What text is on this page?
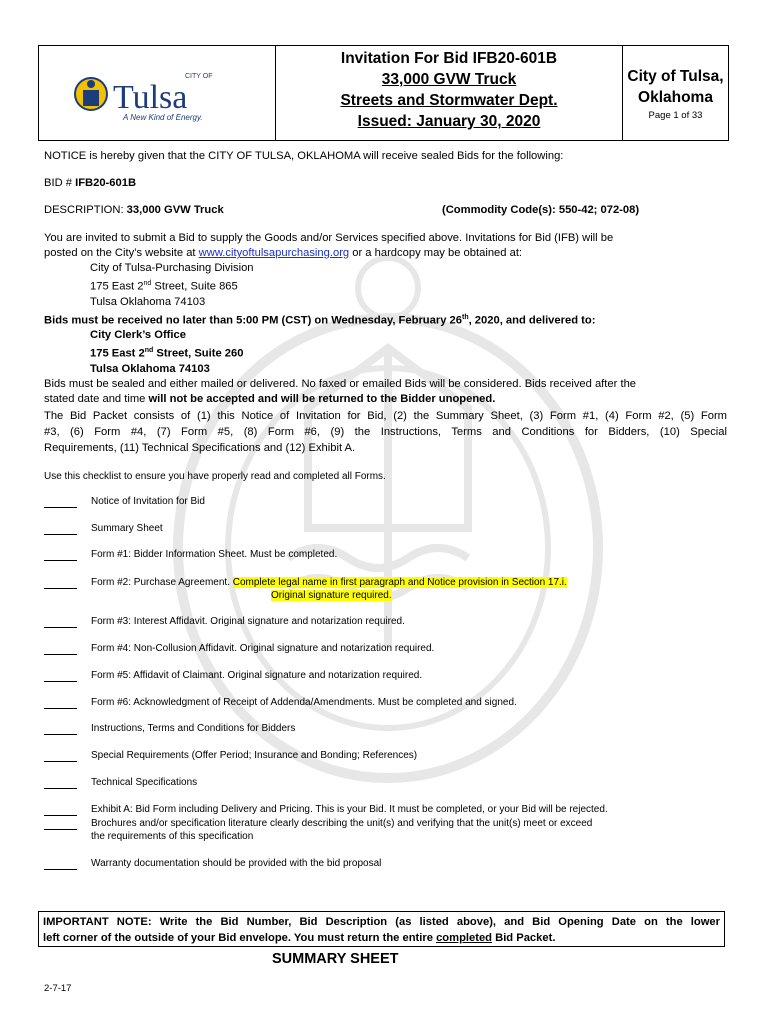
Tulsa
CITY OF
A New Kind of Energy.
Invitation For Bid IFB20-601B
33,000 GVW Truck
Streets and Stormwater Dept.
Issued: January 30, 2020
City of Tulsa,
Oklahoma
Page 1 of 33
NOTICE is hereby given that the CITY OF TULSA, OKLAHOMA will receive sealed Bids for the following:
BID # IFB20-601B
DESCRIPTION: 33,000 GVW Truck	(Commodity Code(s): 550-42; 072-08)
You are invited to submit a Bid to supply the Goods and/or Services specified above. Invitations for Bid (IFB) will be
posted on the City’s website at www.cityoftulsapurchasing.org or a hardcopy may be obtained at:
City of Tulsa-Purchasing Division
175 East 2nd Street, Suite 865
Tulsa Oklahoma 74103
Bids must be received no later than 5:00 PM (CST) on Wednesday, February 26th, 2020, and delivered to:
City Clerk’s Office
175 East 2nd Street, Suite 260
Tulsa Oklahoma 74103
Bids must be sealed and either mailed or delivered. No faxed or emailed Bids will be considered. Bids received after the
stated date and time will not be accepted and will be returned to the Bidder unopened.
The Bid Packet consists of (1) this Notice of Invitation for Bid, (2) the Summary Sheet, (3) Form #1, (4) Form #2, (5) Form
#3, (6) Form #4, (7) Form #5, (8) Form #6, (9) the Instructions, Terms and Conditions for Bidders, (10) Special
Requirements, (11) Technical Specifications and (12) Exhibit A.
Use this checklist to ensure you have properly read and completed all Forms.
Notice of Invitation for Bid
Summary Sheet
Form #1: Bidder Information Sheet. Must be completed.
Form #2: Purchase Agreement. Complete legal name in first paragraph and Notice provision in Section 17.i.
Original signature required.
Form #3: Interest Affidavit. Original signature and notarization required.
Form #4: Non-Collusion Affidavit. Original signature and notarization required.
Form #5: Affidavit of Claimant. Original signature and notarization required.
Form #6: Acknowledgment of Receipt of Addenda/Amendments. Must be completed and signed.
Instructions, Terms and Conditions for Bidders
Special Requirements (Offer Period; Insurance and Bonding; References)
Technical Specifications
Exhibit A: Bid Form including Delivery and Pricing. This is your Bid. It must be completed, or your Bid will be rejected.
Brochures and/or specification literature clearly describing the unit(s) and verifying that the unit(s) meet or exceed
the requirements of this specification
Warranty documentation should be provided with the bid proposal
IMPORTANT NOTE: Write the Bid Number, Bid Description (as listed above), and Bid Opening Date on the lower
left corner of the outside of your Bid envelope. You must return the entire completed Bid Packet.
SUMMARY SHEET
2-7-17
